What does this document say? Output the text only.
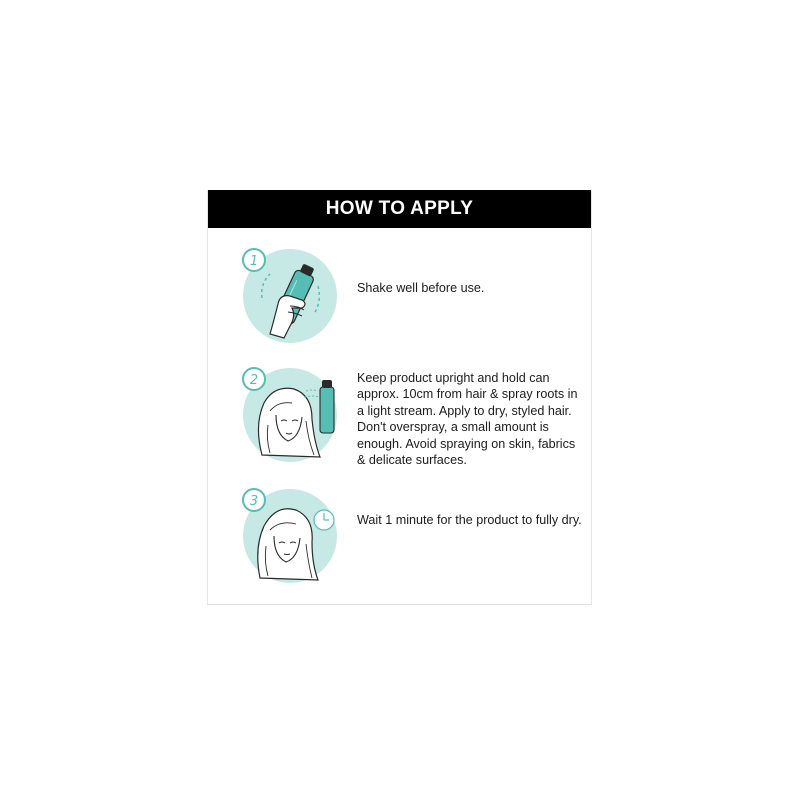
HOW TO APPLY
1
Shake well before use.
2	Keep product upright and hold can approx. 10cm from hair & spray roots in a light stream. Apply to dry, styled hair. Don't overspray, a small amount is enough. Avoid spraying on skin, fabrics & delicate surfaces.
3
Wait 1 minute for the product to fully dry.
